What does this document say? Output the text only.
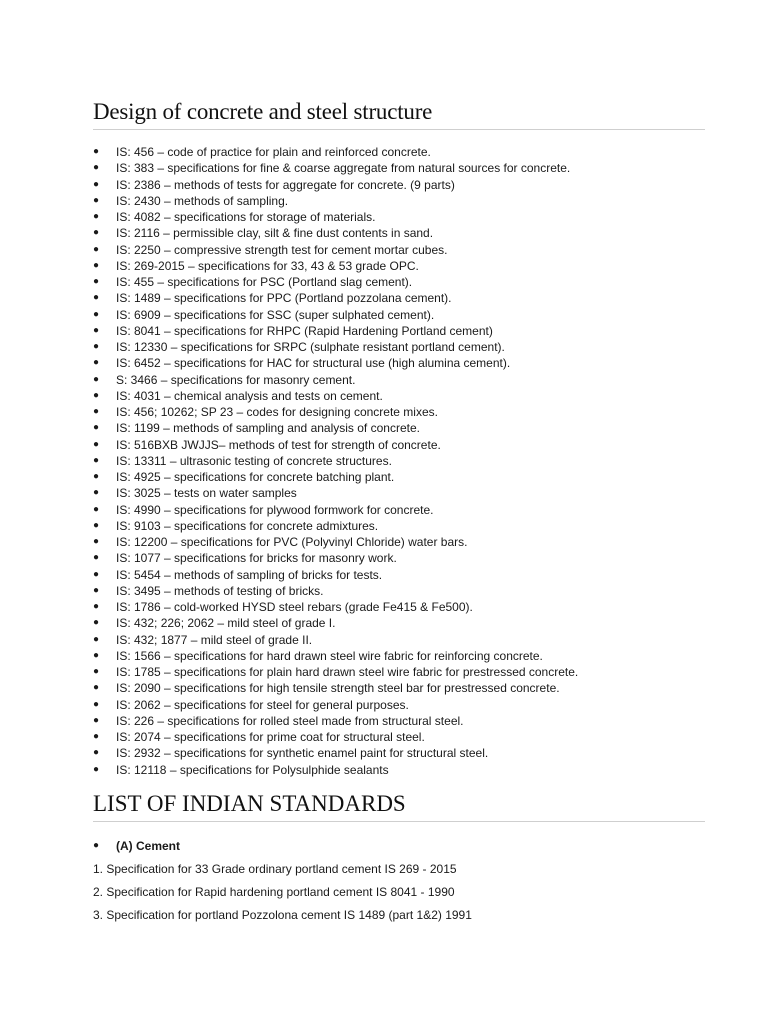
Design of concrete and steel structure
● IS: 456 – code of practice for plain and reinforced concrete.
● IS: 383 – specifications for fine & coarse aggregate from natural sources for concrete.
● IS: 2386 – methods of tests for aggregate for concrete. (9 parts)
● IS: 2430 – methods of sampling.
● IS: 4082 – specifications for storage of materials.
● IS: 2116 – permissible clay, silt & fine dust contents in sand.
● IS: 2250 – compressive strength test for cement mortar cubes.
● IS: 269-2015 – specifications for 33, 43 & 53 grade OPC.
● IS: 455 – specifications for PSC (Portland slag cement).
● IS: 1489 – specifications for PPC (Portland pozzolana cement).
● IS: 6909 – specifications for SSC (super sulphated cement).
● IS: 8041 – specifications for RHPC (Rapid Hardening Portland cement)
● IS: 12330 – specifications for SRPC (sulphate resistant portland cement).
● IS: 6452 – specifications for HAC for structural use (high alumina cement).
● S: 3466 – specifications for masonry cement.
● IS: 4031 – chemical analysis and tests on cement.
● IS: 456; 10262; SP 23 – codes for designing concrete mixes.
● IS: 1199 – methods of sampling and analysis of concrete.
● IS: 516BXB JWJJS– methods of test for strength of concrete.
● IS: 13311 – ultrasonic testing of concrete structures.
● IS: 4925 – specifications for concrete batching plant.
● IS: 3025 – tests on water samples
● IS: 4990 – specifications for plywood formwork for concrete.
● IS: 9103 – specifications for concrete admixtures.
● IS: 12200 – specifications for PVC (Polyvinyl Chloride) water bars.
● IS: 1077 – specifications for bricks for masonry work.
● IS: 5454 – methods of sampling of bricks for tests.
● IS: 3495 – methods of testing of bricks.
● IS: 1786 – cold-worked HYSD steel rebars (grade Fe415 & Fe500).
● IS: 432; 226; 2062 – mild steel of grade I.
● IS: 432; 1877 – mild steel of grade II.
● IS: 1566 – specifications for hard drawn steel wire fabric for reinforcing concrete.
● IS: 1785 – specifications for plain hard drawn steel wire fabric for prestressed concrete.
● IS: 2090 – specifications for high tensile strength steel bar for prestressed concrete.
● IS: 2062 – specifications for steel for general purposes.
● IS: 226 – specifications for rolled steel made from structural steel.
● IS: 2074 – specifications for prime coat for structural steel.
● IS: 2932 – specifications for synthetic enamel paint for structural steel.
● IS: 12118 – specifications for Polysulphide sealants
LIST OF INDIAN STANDARDS
● (A) Cement
1. Specification for 33 Grade ordinary portland cement IS 269 - 2015
2. Specification for Rapid hardening portland cement IS 8041 - 1990
3. Specification for portland Pozzolona cement IS 1489 (part 1&2) 1991
